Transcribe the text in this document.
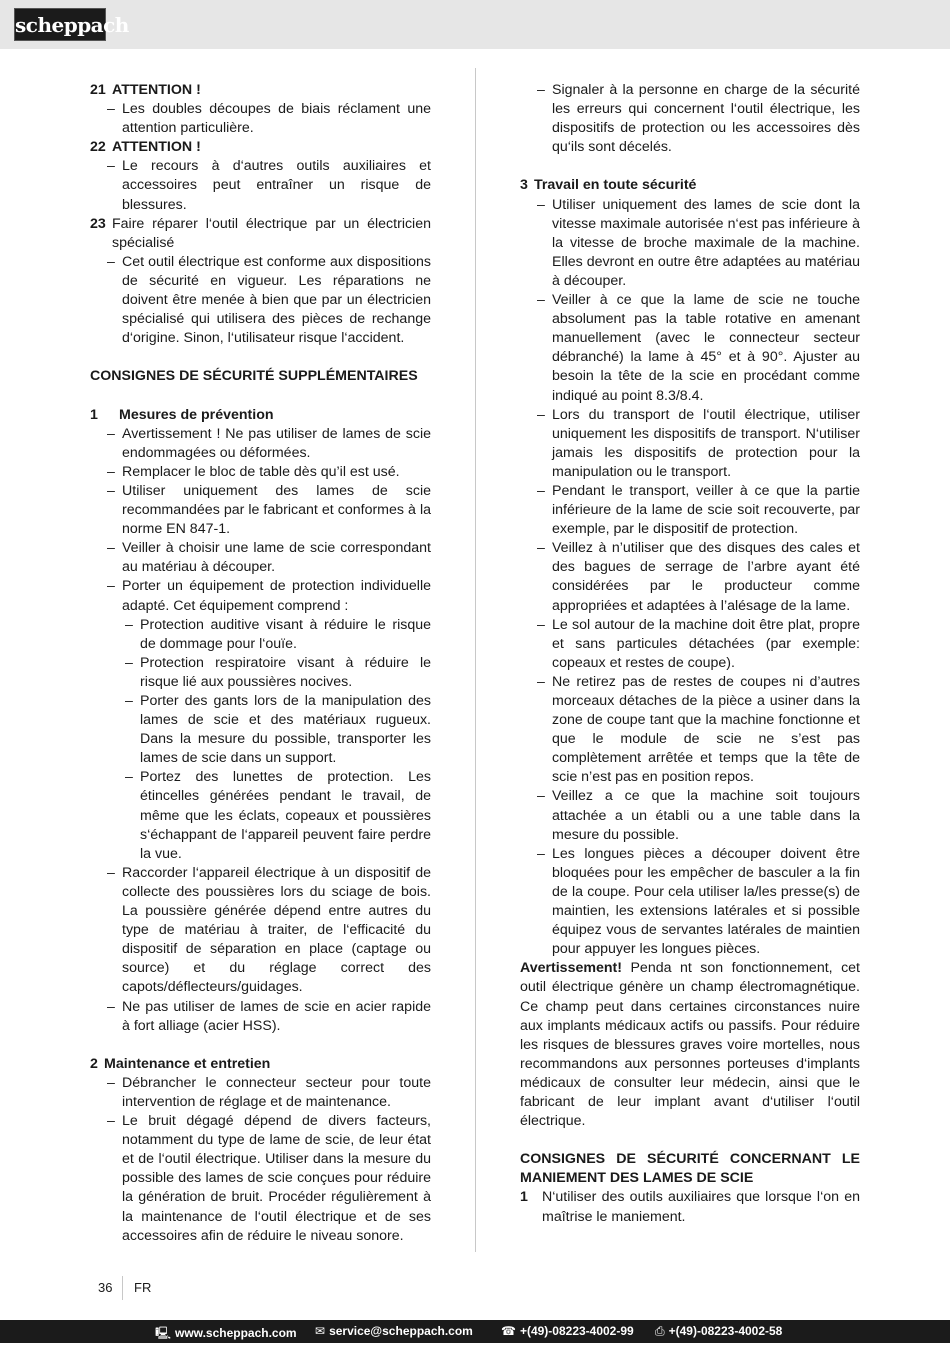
scheppach
21 ATTENTION !

– Les doubles découpes de biais réclament une attention particulière.

22 ATTENTION !

– Le recours à d‘autres outils auxiliaires et accessoires peut entraîner un risque de blessures.

23 Faire réparer l‘outil électrique par un électricien spécialisé

– Cet outil électrique est conforme aux dispositions de sécurité en vigueur. Les réparations ne doivent être menée à bien que par un électricien spécialisé qui utilisera des pièces de rechange d‘origine. Sinon, l‘utilisateur risque l‘accident.

CONSIGNES DE SÉCURITÉ SUPPLÉMENTAIRES

1 Mesures de prévention

– Avertissement ! Ne pas utiliser de lames de scie endommagées ou déformées.

– Remplacer le bloc de table dès qu’il est usé.

– Utiliser uniquement des lames de scie recommandées par le fabricant et conformes à la norme EN 847-1.

– Veiller à choisir une lame de scie correspondant au matériau à découper.

– Porter un équipement de protection individuelle adapté. Cet équipement comprend :

– Protection auditive visant à réduire le risque de dommage pour l‘ouïe.

– Protection respiratoire visant à réduire le risque lié aux poussières nocives.

– Porter des gants lors de la manipulation des lames de scie et des matériaux rugueux. Dans la mesure du possible, transporter les lames de scie dans un support.

– Portez des lunettes de protection. Les étincelles générées pendant le travail, de même que les éclats, copeaux et poussières s‘échappant de l‘appareil peuvent faire perdre la vue.

– Raccorder l‘appareil électrique à un dispositif de collecte des poussières lors du sciage de bois. La poussière générée dépend entre autres du type de matériau à traiter, de l‘efficacité du dispositif de séparation en place (captage ou source) et du réglage correct des capots/déflecteurs/guidages.

– Ne pas utiliser de lames de scie en acier rapide à fort alliage (acier HSS).

2 Maintenance et entretien

– Débrancher le connecteur secteur pour toute intervention de réglage et de maintenance.

– Le bruit dégagé dépend de divers facteurs, notamment du type de lame de scie, de leur état et de l‘outil électrique. Utiliser dans la mesure du possible des lames de scie conçues pour réduire la génération de bruit. Procéder régulièrement à la maintenance de l‘outil électrique et de ses accessoires afin de réduire le niveau sonore.

– Signaler à la personne en charge de la sécurité les erreurs qui concernent l‘outil électrique, les dispositifs de protection ou les accessoires dès qu‘ils sont décelés.

3 Travail en toute sécurité

– Utiliser uniquement des lames de scie dont la vitesse maximale autorisée n‘est pas inférieure à la vitesse de broche maximale de la machine. Elles devront en outre être adaptées au matériau à découper.

– Veiller à ce que la lame de scie ne touche absolument pas la table rotative en amenant manuellement (avec le connecteur secteur débranché) la lame à 45° et à 90°. Ajuster au besoin la tête de la scie en procédant comme indiqué au point 8.3/8.4.

– Lors du transport de l‘outil électrique, utiliser uniquement les dispositifs de transport. N‘utiliser jamais les dispositifs de protection pour la manipulation ou le transport.

– Pendant le transport, veiller à ce que la partie inférieure de la lame de scie soit recouverte, par exemple, par le dispositif de protection.

– Veillez à n’utiliser que des disques des cales et des bagues de serrage de l’arbre ayant été considérées par le producteur comme appropriées et adaptées à l’alésage de la lame.

– Le sol autour de la machine doit être plat, propre et sans particules détachées (par exemple: copeaux et restes de coupe).

– Ne retirez pas de restes de coupes ni d’autres morceaux détaches de la pièce a usiner dans la zone de coupe tant que la machine fonctionne et que le module de scie ne s’est pas complètement arrêtée et temps que la tête de scie n’est pas en position repos.

– Veillez a ce que la machine soit toujours attachée a un établi ou a une table dans la mesure du possible.

– Les longues pièces a découper doivent être bloquées pour les empêcher de basculer a la fin de la coupe. Pour cela utiliser la/les presse(s) de maintien, les extensions latérales et si possible équipez vous de servantes latérales de maintien pour appuyer les longues pièces.

Avertissement! Penda nt son fonctionnement, cet outil électrique génère un champ électromagnétique. Ce champ peut dans certaines circonstances nuire aux implants médicaux actifs ou passifs. Pour réduire les risques de blessures graves voire mortelles, nous recommandons aux personnes porteuses d‘implants médicaux de consulter leur médecin, ainsi que le fabricant de leur implant avant d‘utiliser l‘outil électrique.

CONSIGNES DE SÉCURITÉ CONCERNANT LE MANIEMENT DES LAMES DE SCIE

1 N‘utiliser des outils auxiliaires que lorsque l‘on en maîtrise le maniement.

36 FR
🖳 www.scheppach.com ✉ service@scheppach.com ☎ +(49)-08223-4002-99 ⎙ +(49)-08223-4002-58
